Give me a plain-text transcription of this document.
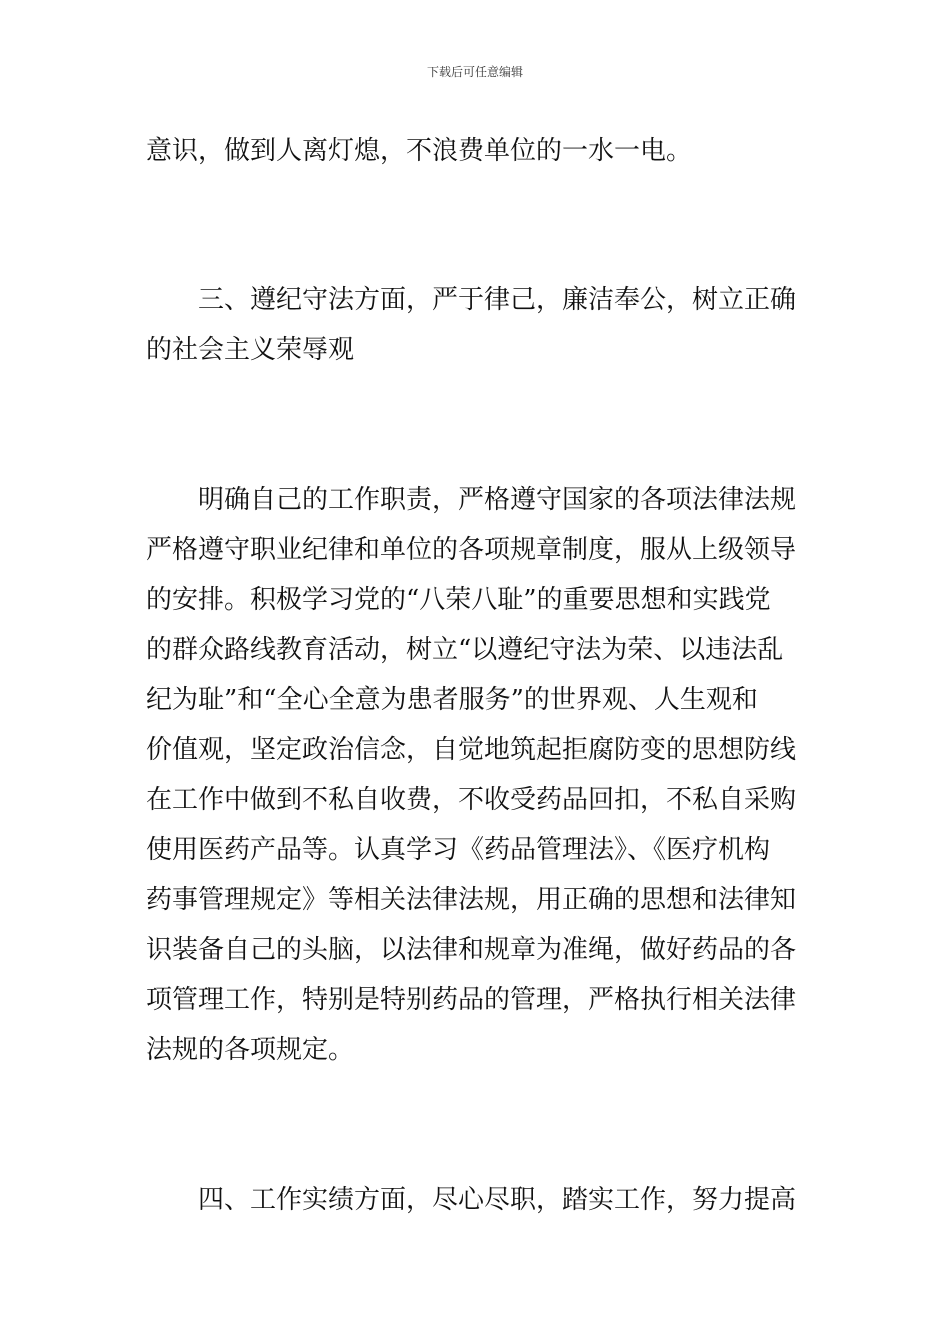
下载后可任意编辑
意识，做到人离灯熄，不浪费单位的一水一电。
三、遵纪守法方面，严于律己，廉洁奉公，树立正确
的社会主义荣辱观
明确自己的工作职责，严格遵守国家的各项法律法规
严格遵守职业纪律和单位的各项规章制度，服从上级领导
的安排。积极学习党的“八荣八耻”的重要思想和实践党
的群众路线教育活动，树立“以遵纪守法为荣、以违法乱
纪为耻”和“全心全意为患者服务”的世界观、人生观和
价值观，坚定政治信念，自觉地筑起拒腐防变的思想防线
在工作中做到不私自收费，不收受药品回扣，不私自采购
使用医药产品等。认真学习《药品管理法》、《医疗机构
药事管理规定》等相关法律法规，用正确的思想和法律知
识装备自己的头脑，以法律和规章为准绳，做好药品的各
项管理工作，特别是特别药品的管理，严格执行相关法律
法规的各项规定。
四、工作实绩方面，尽心尽职，踏实工作，努力提高
